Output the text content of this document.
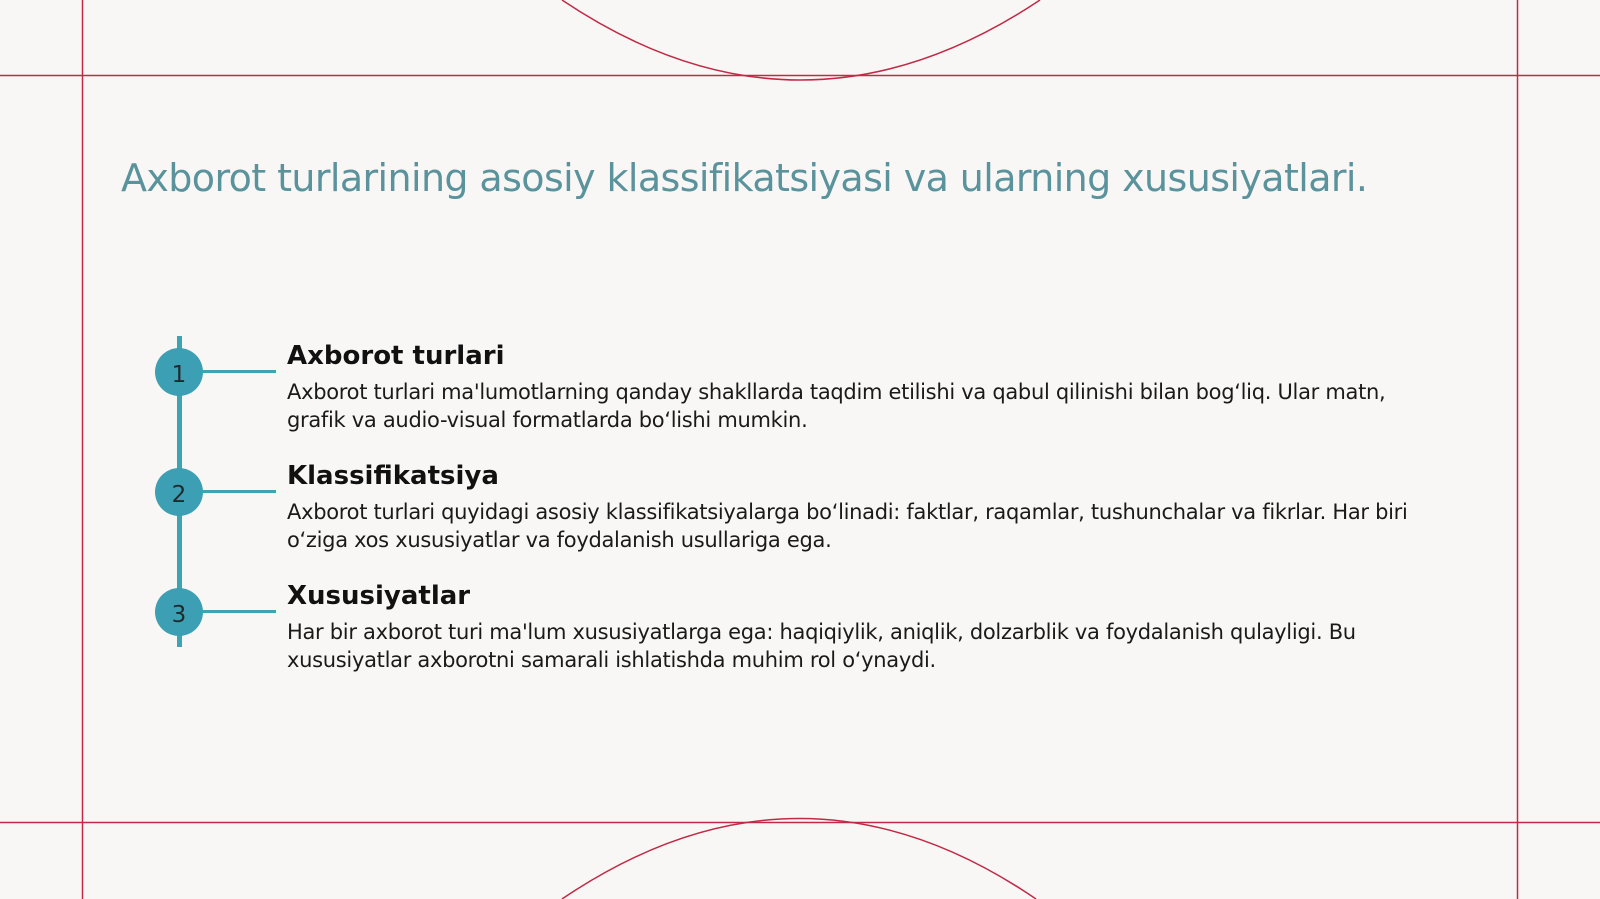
Axborot turlarining asosiy klassifikatsiyasi va ularning xususiyatlari.
1
Axborot turlari

Axborot turlari ma'lumotlarning qanday shakllarda taqdim etilishi va qabul qilinishi bilan bog‘liq. Ular matn, grafik va audio-visual formatlarda bo‘lishi mumkin.

2
Klassifikatsiya

Axborot turlari quyidagi asosiy klassifikatsiyalarga bo‘linadi: faktlar, raqamlar, tushunchalar va fikrlar. Har biri o‘ziga xos xususiyatlar va foydalanish usullariga ega.

3
Xususiyatlar

Har bir axborot turi ma'lum xususiyatlarga ega: haqiqiylik, aniqlik, dolzarblik va foydalanish qulayligi. Bu xususiyatlar axborotni samarali ishlatishda muhim rol o‘ynaydi.
